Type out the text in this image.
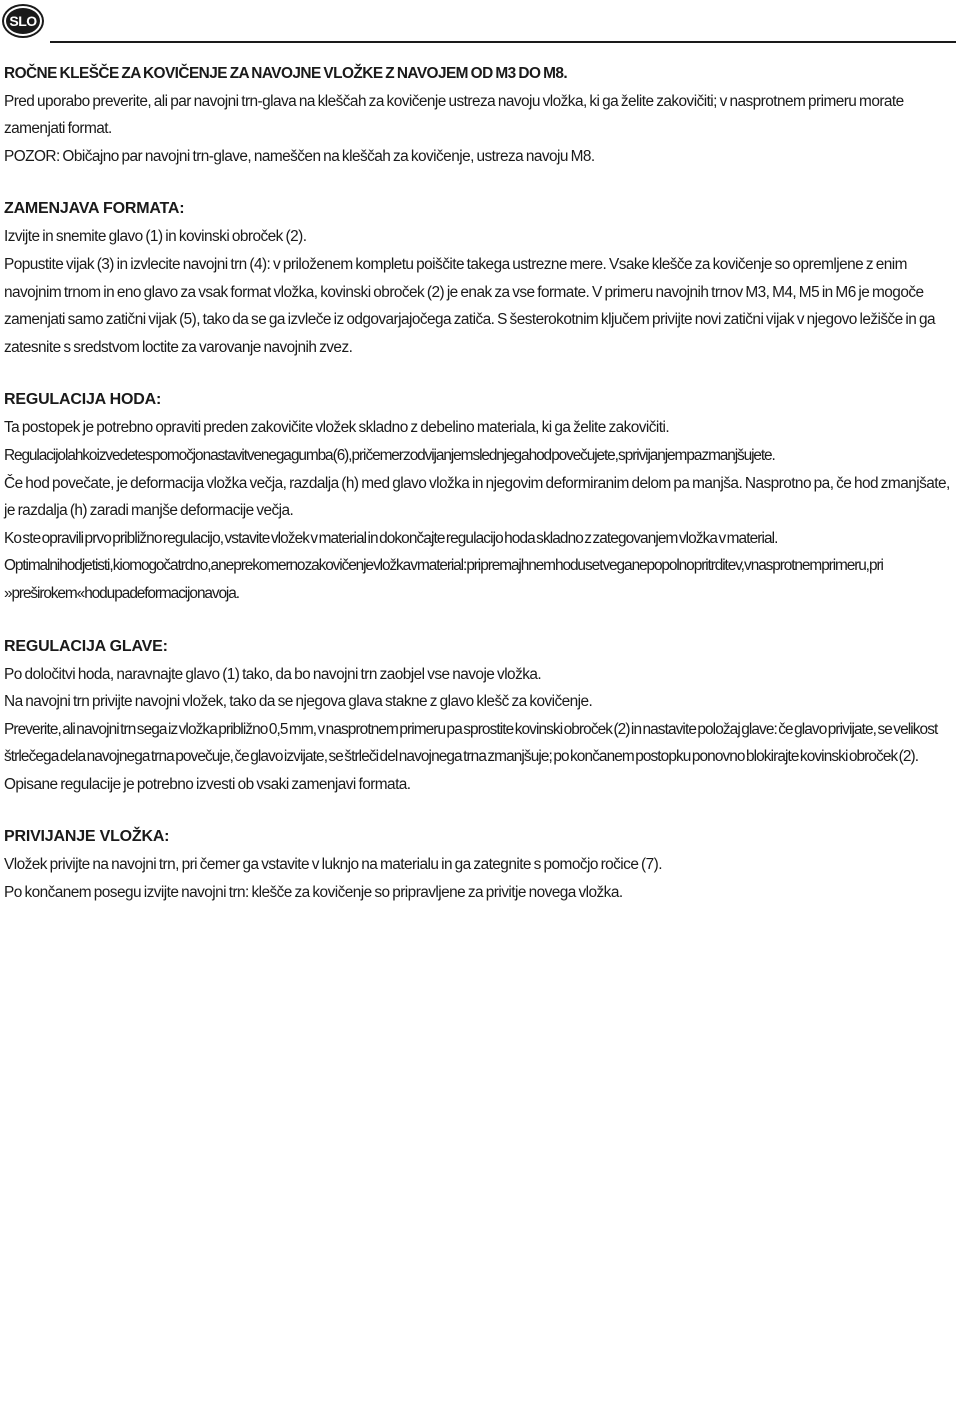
SLO

ROČNE KLEŠČE ZA KOVIČENJE ZA NAVOJNE VLOŽKE Z NAVOJEM OD M3 DO M8.

Pred uporabo preverite, ali par navojni trn-glava na kleščah za kovičenje ustreza navoju vložka, ki ga želite zakovičiti; v nasprotnem primeru morate zamenjati format.

POZOR: Običajno par navojni trn-glave, nameščen na kleščah za kovičenje, ustreza navoju M8.

ZAMENJAVA FORMATA:

Izvijte in snemite glavo (1) in kovinski obroček (2).

Popustite vijak (3) in izvlecite navojni trn (4): v priloženem kompletu poiščite takega ustrezne mere. Vsake klešče za kovičenje so opremljene z enim navojnim trnom in eno glavo za vsak format vložka, kovinski obroček (2) je enak za vse formate. V primeru navojnih trnov M3, M4, M5 in M6 je mogoče zamenjati samo zatični vijak (5), tako da se ga izvleče iz odgovarjajočega zatiča. S šesterokotnim ključem privijte novi zatični vijak v njegovo ležišče in ga zatesnite s sredstvom loctite za varovanje navojnih zvez.

REGULACIJA HODA:

Ta postopek je potrebno opraviti preden zakovičite vložek skladno z debelino materiala, ki ga želite zakovičiti.

Regulacijo lahko izvedete s pomočjo nastavitvenega gumba (6), pri čemer z odvijanjem slednjega hod povečujete, s privijanjem pa zmanjšujete.

Če hod povečate, je deformacija vložka večja, razdalja (h) med glavo vložka in njegovim deformiranim delom pa manjša. Nasprotno pa, če hod zmanjšate, je razdalja (h) zaradi manjše deformacije večja.

Ko ste opravili prvo približno regulacijo, vstavite vložek v material in dokončajte regulacijo hoda skladno z zategovanjem vložka v material.

Optimalni hod je tisti, ki omogoča trdno, a ne prekomerno zakovičenje vložka v material: pri premajhnem hodu se tvega nepopolno pritrditev, v nasprotnem primeru, pri »preširokem« hodu pa deformacijo navoja.

REGULACIJA GLAVE:

Po določitvi hoda, naravnajte glavo (1) tako, da bo navojni trn zaobjel vse navoje vložka.

Na navojni trn privijte navojni vložek, tako da se njegova glava stakne z glavo klešč za kovičenje.

Preverite, ali navojni trn sega iz vložka približno 0,5 mm, v nasprotnem primeru pa sprostite kovinski obroček (2) in nastavite položaj glave: če glavo privijate, se velikost štrlečega dela navojnega trna povečuje, če glavo izvijate, se štrleči del navojnega trna zmanjšuje; po končanem postopku ponovno blokirajte kovinski obroček (2).

Opisane regulacije je potrebno izvesti ob vsaki zamenjavi formata.

PRIVIJANJE VLOŽKA:

Vložek privijte na navojni trn, pri čemer ga vstavite v luknjo na materialu in ga zategnite s pomočjo ročice (7).

Po končanem posegu izvijte navojni trn: klešče za kovičenje so pripravljene za privitje novega vložka.
